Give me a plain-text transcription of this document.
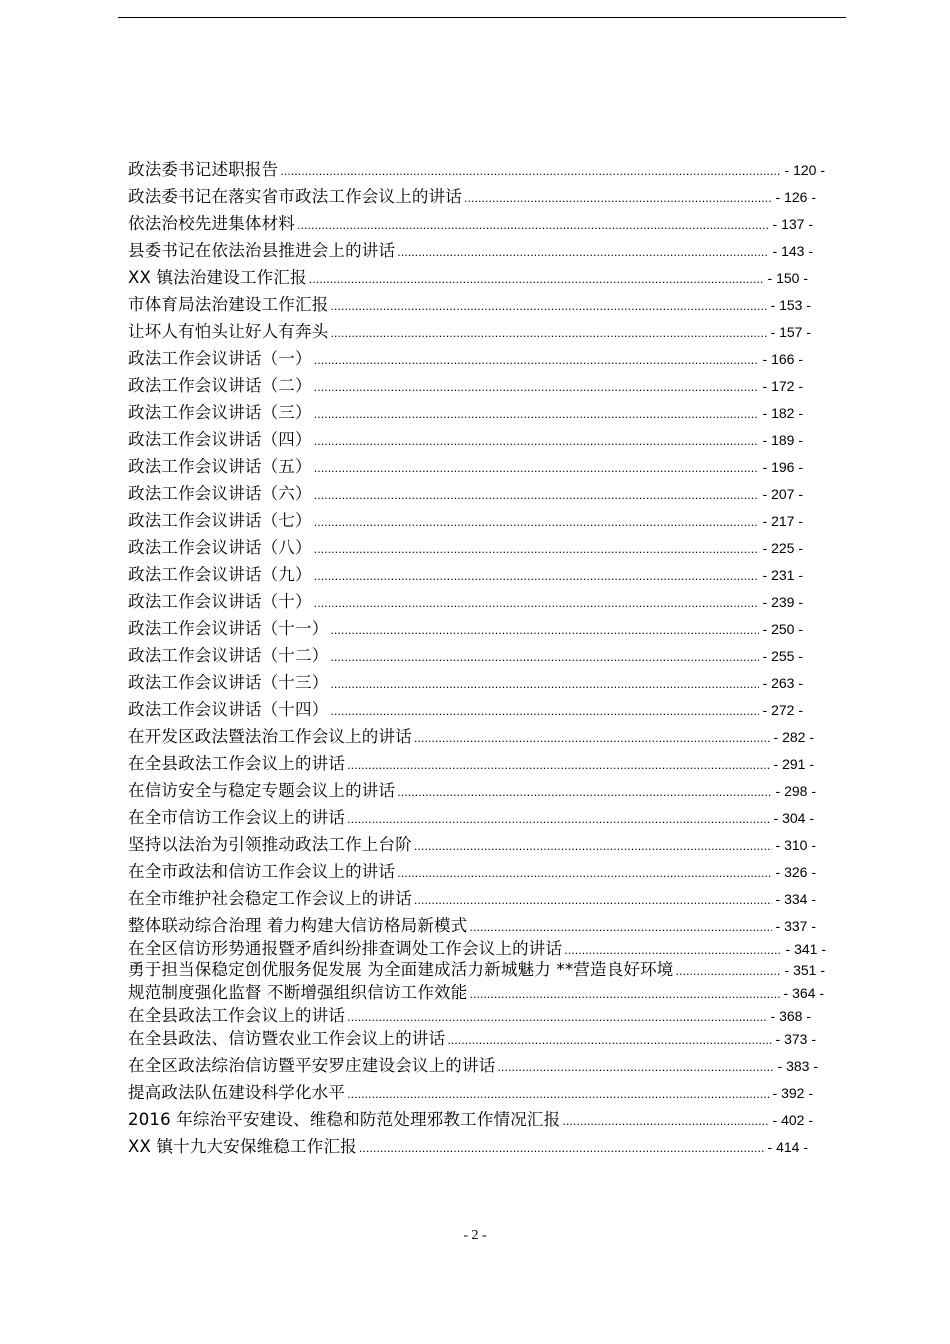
政法委书记述职报告 .....	- 120 -
政法委书记在落实省市政法工作会议上的讲话 .....	- 126 -
依法治校先进集体材料 .....	- 137 -
县委书记在依法治县推进会上的讲话 .....	- 143 -
XX 镇法治建设工作汇报 .....	- 150 -
市体育局法治建设工作汇报 .....	- 153 -
让坏人有怕头让好人有奔头 .....	- 157 -
政法工作会议讲话（一） .....	- 166 -
政法工作会议讲话（二） .....	- 172 -
政法工作会议讲话（三） .....	- 182 -
政法工作会议讲话（四） .....	- 189 -
政法工作会议讲话（五） .....	- 196 -
政法工作会议讲话（六） .....	- 207 -
政法工作会议讲话（七） .....	- 217 -
政法工作会议讲话（八） .....	- 225 -
政法工作会议讲话（九） .....	- 231 -
政法工作会议讲话（十） .....	- 239 -
政法工作会议讲话（十一） .....	- 250 -
政法工作会议讲话（十二） .....	- 255 -
政法工作会议讲话（十三） .....	- 263 -
政法工作会议讲话（十四） .....	- 272 -
在开发区政法暨法治工作会议上的讲话 .....	- 282 -
在全县政法工作会议上的讲话 .....	- 291 -
在信访安全与稳定专题会议上的讲话 .....	- 298 -
在全市信访工作会议上的讲话 .....	- 304 -
坚持以法治为引领推动政法工作上台阶 .....	- 310 -
在全市政法和信访工作会议上的讲话 .....	- 326 -
在全市维护社会稳定工作会议上的讲话 .....	- 334 -
整体联动综合治理 着力构建大信访格局新模式 .....	- 337 -
在全区信访形势通报暨矛盾纠纷排查调处工作会议上的讲话 .....	- 341 -
勇于担当保稳定创优服务促发展 为全面建成活力新城魅力 **营造良好环境 .....	- 351 -
规范制度强化监督 不断增强组织信访工作效能 .....	- 364 -
在全县政法工作会议上的讲话 .....	- 368 -
在全县政法、信访暨农业工作会议上的讲话 .....	- 373 -
在全区政法综治信访暨平安罗庄建设会议上的讲话 .....	- 383 -
提高政法队伍建设科学化水平 .....	- 392 -
2016 年综治平安建设、维稳和防范处理邪教工作情况汇报 .....	- 402 -
XX 镇十九大安保维稳工作汇报 .....	- 414 -
- 2 -
